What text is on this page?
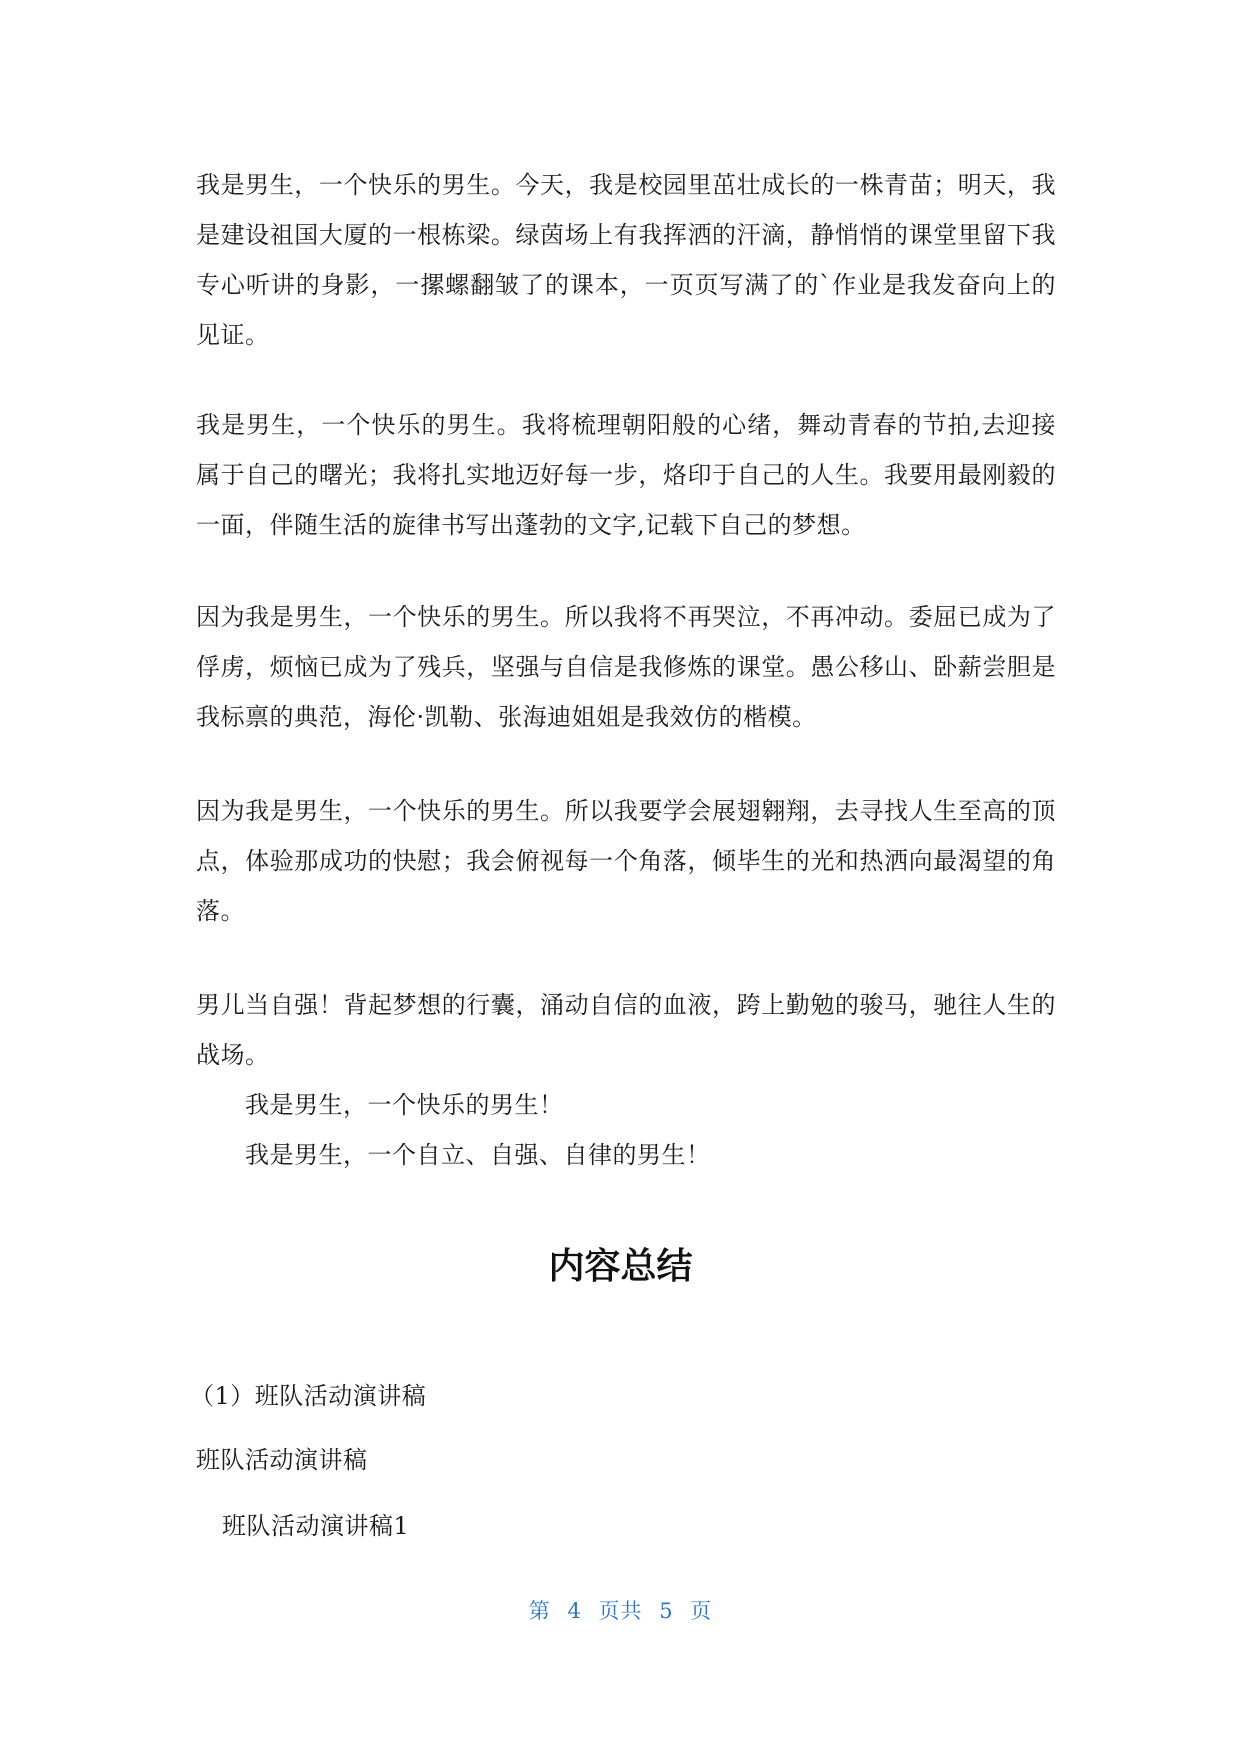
我是男生，一个快乐的男生。今天，我是校园里茁壮成长的一株青苗；明天，我是建设祖国大厦的一根栋梁。绿茵场上有我挥洒的汗滴，静悄悄的课堂里留下我专心听讲的身影，一摞螺翻皱了的课本，一页页写满了的`作业是我发奋向上的见证。

我是男生，一个快乐的男生。我将梳理朝阳般的心绪，舞动青春的节拍,去迎接属于自己的曙光；我将扎实地迈好每一步，烙印于自己的人生。我要用最刚毅的一面，伴随生活的旋律书写出蓬勃的文字,记载下自己的梦想。

因为我是男生，一个快乐的男生。所以我将不再哭泣，不再冲动。委屈已成为了俘虏，烦恼已成为了残兵，坚强与自信是我修炼的课堂。愚公移山、卧薪尝胆是我标禀的典范，海伦·凯勒、张海迪姐姐是我效仿的楷模。

因为我是男生，一个快乐的男生。所以我要学会展翅翱翔，去寻找人生至高的顶点，体验那成功的快慰；我会俯视每一个角落，倾毕生的光和热洒向最渴望的角落。

男儿当自强！背起梦想的行囊，涌动自信的血液，跨上勤勉的骏马，驰往人生的战场。

我是男生，一个快乐的男生！

我是男生，一个自立、自强、自律的男生！

内容总结

（1）班队活动演讲稿

班队活动演讲稿

班队活动演讲稿1

第 4 页共 5 页
